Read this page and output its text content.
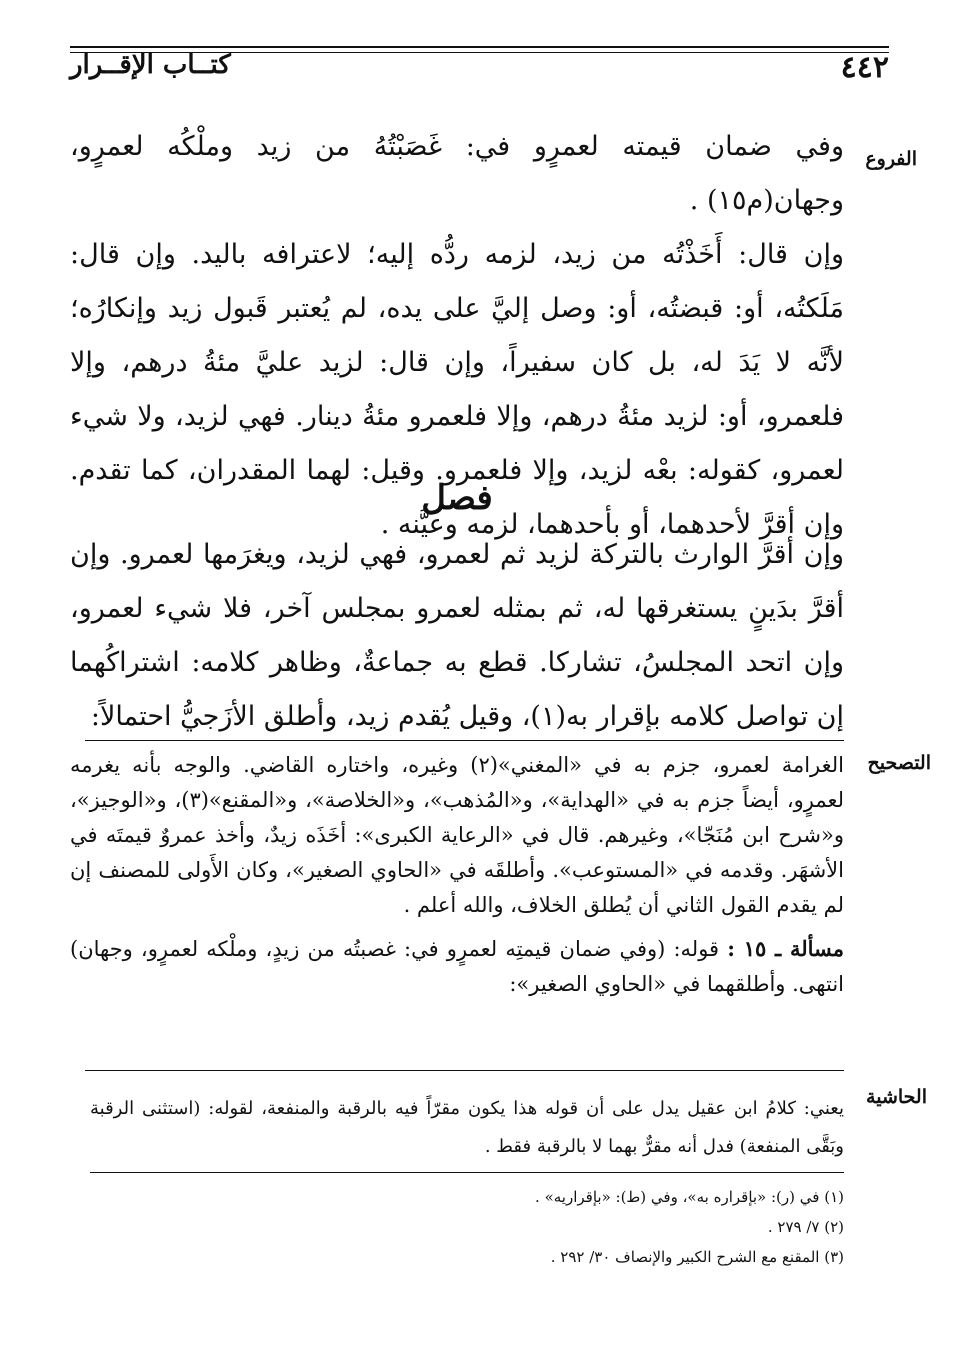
٤٤٢
كتــاب الإقــرار
الفروع

وفي ضمان قيمته لعمرٍو في: غَصَبْتُهُ من زيد وملْكُه لعمرٍو، وجهان(م١٥) .

وإن قال: أَخَذْتُه من زيد، لزمه ردُّه إليه؛ لاعترافه باليد. وإن قال: مَلَكتُه، أو: قبضتُه، أو: وصل إليَّ على يده، لم يُعتبر قَبول زيد وإنكارُه؛ لأنَّه لا يَدَ له، بل كان سفيراً، وإن قال: لزيد عليَّ مئةُ درهم، وإلا فلعمرو، أو: لزيد مئةُ درهم، وإلا فلعمرو مئةُ دينار. فهي لزيد، ولا شيء لعمرو، كقوله: بعْه لزيد، وإلا فلعمرو. وقيل: لهما المقدران، كما تقدم. وإن أقرَّ لأحدهما، أو بأحدهما، لزمه وعيَّنه .

فصل
وإن أقرَّ الوارث بالتركة لزيد ثم لعمرو، فهي لزيد، ويغرَمها لعمرو. وإن أقرَّ بدَينٍ يستغرقها له، ثم بمثله لعمرو بمجلس آخر، فلا شيء لعمرو، وإن اتحد المجلسُ، تشاركا. قطع به جماعةٌ، وظاهر كلامه: اشتراكُهما إن تواصل كلامه بإقرار به(١)، وقيل يُقدم زيد، وأطلق الأزَجيُّ احتمالاً:
التصحيح

الغرامة لعمرو، جزم به في «المغني»(٢) وغيره، واختاره القاضي. والوجه بأنه يغرمه لعمرٍو، أيضاً جزم به في «الهداية»، و«المُذهب»، و«الخلاصة»، و«المقنع»(٣)، و«الوجيز»، و«شرح ابن مُنَجّا»، وغيرهم. قال في «الرعاية الكبرى»: أخَذَه زيدٌ، وأخذ عمروٌ قيمتَه في الأشهَر. وقدمه في «المستوعب». وأطلقَه في «الحاوي الصغير»، وكان الأَولى للمصنف إن لم يقدم القول الثاني أن يُطلق الخلاف، والله أعلم .

مسألة ـ ١٥ : قوله: (وفي ضمان قيمتِه لعمرٍو في: غصبتُه من زيدٍ، وملْكه لعمرٍو، وجهان) انتهى. وأطلقهما في «الحاوي الصغير»:

الحاشية
يعني: كلامُ ابن عقيل يدل على أن قوله هذا يكون مقرّاً فيه بالرقبة والمنفعة، لقوله: (استثنى الرقبة وبَقَّى المنفعة) فدل أنه مقرٌّ بهما لا بالرقبة فقط .
(١) في (ر): «بإقراره به»، وفي (ط): «بإقراريه» .
(٢) ٧/ ٢٧٩ .
(٣) المقنع مع الشرح الكبير والإنصاف ٣٠/ ٢٩٢ .
